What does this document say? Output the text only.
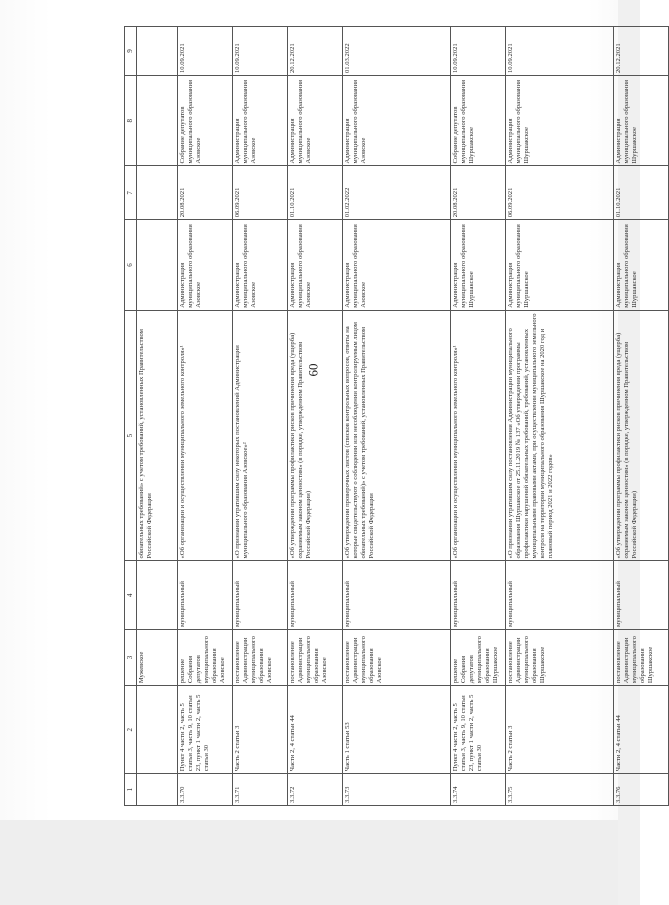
60
1	2	3	4	5	6	7	8	9
		Мужевское		обязательных требований» с учетом требований, установленных Правительством Российской Федерации				
3.3.70	Пункт 4 части 2, часть 5 статьи 3, часть 9, 10 статьи 23, пункт 1 части 2, часть 5 статьи 30	решение Собрания депутатов муниципального образования Азовское	муниципальный	«Об организации и осуществлении муниципального земельного контроля»¹	Администрация муниципального образования Азовское	20.08.2021	Собрание депутатов муниципального образования Азовское	10.09.2021
3.3.71	Часть 2 статьи 3	постановление Администрации муниципального образования Азовское	муниципальный	«О признании утратившим силу некоторых постановлений Администрации муниципального образования Азовское»²	Администрация муниципального образования Азовское	06.09.2021	Администрация муниципального образования Азовское	10.09.2021
3.3.72	Части 2, 4 статьи 44	постановление Администрации муниципального образования Азовское	муниципальный	«Об утверждении программы профилактики рисков причинения вреда (ущерба) охраняемым законом ценностям» (в порядке, утвержденном Правительством Российской Федерации)	Администрация муниципального образования Азовское	01.10.2021	Администрация муниципального образования Азовское	20.12.2021
3.3.73	Часть 1 статьи 53	постановление Администрации муниципального образования Азовское	муниципальный	«Об утверждении проверочных листов (списков контрольных вопросов, ответы на которые свидетельствуют о соблюдении или несоблюдении контролируемым лицом обязательных требований)» с учетом требований, установленных Правительством Российской Федерации	Администрация муниципального образования Азовское	01.02.2022	Администрация муниципального образования Азовское	01.03.2022
3.3.74	Пункт 4 части 2, часть 5 статьи 3, часть 9, 10 статьи 23, пункт 1 части 2, часть 5 статьи 30	решение Собрания депутатов муниципального образования Шуршакское	муниципальный	«Об организации и осуществлении муниципального земельного контроля»¹	Администрация муниципального образования Шуршакское	20.08.2021	Собрание депутатов муниципального образования Шуршакское	10.09.2021
3.3.75	Часть 2 статьи 3	постановление Администрации муниципального образования Шуршакское	муниципальный	«О признании утратившим силу постановления Администрации муниципального образования Шуршакское от 25.11.2019 № 137 «Об утверждении программы профилактики нарушений обязательных требований, требований, установленных муниципальными правовыми актами, при осуществлении муниципального земельного контроля на территории муниципального образования Шуршакское на 2020 год и плановый период 2021 и 2022 годов»	Администрация муниципального образования Шуршакское	06.09.2021	Администрация муниципального образования Шуршакское	10.09.2021
3.3.76	Части 2, 4 статьи 44	постановление Администрации муниципального образования Шуршакское	муниципальный	«Об утверждении программы профилактики рисков причинения вреда (ущерба) охраняемым законом ценностям» (в порядке, утвержденном Правительством Российской Федерации)	Администрация муниципального образования Шуршакское	01.10.2021	Администрация муниципального образования Шуршакское	20.12.2021
